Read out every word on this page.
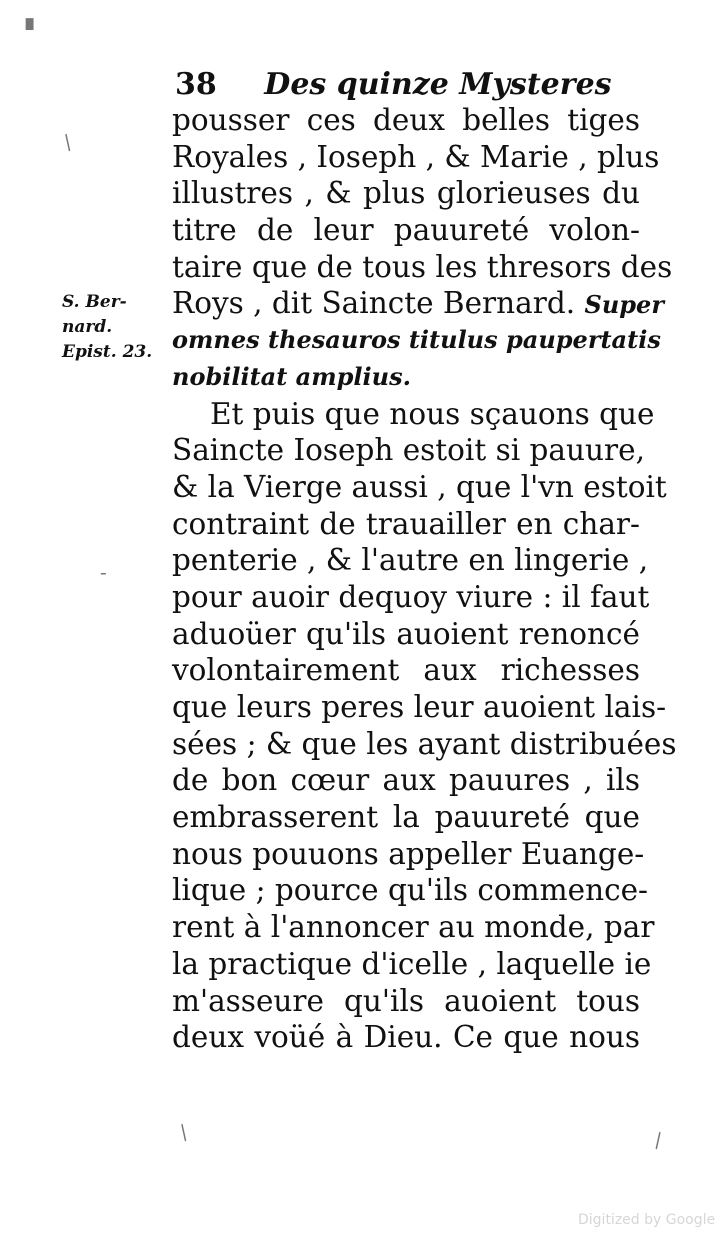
38 Des quinze Mysteres
S. Ber-
nard.
Epist. 23.
pousser ces deux belles tiges
Royales , Ioseph , & Marie , plus
illustres , & plus glorieuses du
titre de leur pauureté volon-
taire que de tous les thresors des
Roys , dit Saincte Bernard. Super
omnes thesauros titulus paupertatis
nobilitat amplius.
Et puis que nous sçauons que
Saincte Ioseph estoit si pauure,
& la Vierge aussi , que l'vn estoit
contraint de trauailler en char-
penterie , & l'autre en lingerie ,
pour auoir dequoy viure : il faut
aduoüer qu'ils auoient renoncé
volontairement aux richesses
que leurs peres leur auoient lais-
sées ; & que les ayant distribuées
de bon cœur aux pauures , ils
embrasserent la pauureté que
nous pouuons appeller Euange-
lique ; pource qu'ils commence-
rent à l'annoncer au monde, par
la practique d'icelle , laquelle ie
m'asseure qu'ils auoient tous
deux voüé à Dieu. Ce que nous
▝
/
-
/	\
Digitized by Google
